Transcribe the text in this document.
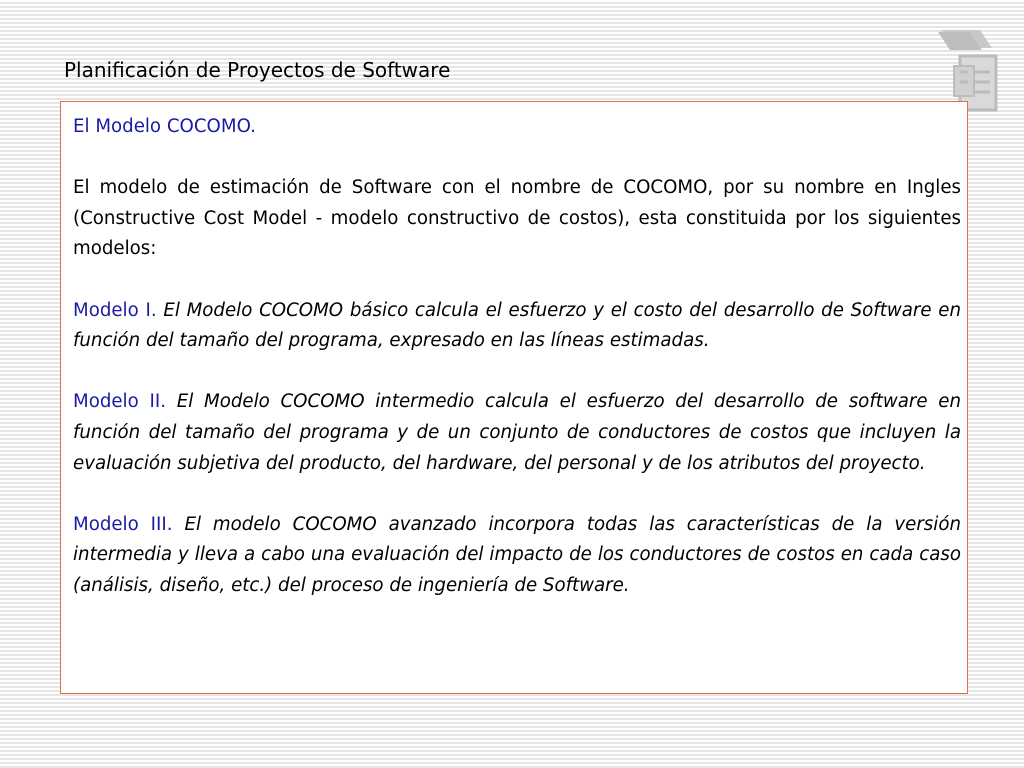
Planificación de Proyectos de Software

El Modelo COCOMO.

El modelo de estimación de Software con el nombre de COCOMO, por su nombre en Ingles (Constructive Cost Model - modelo constructivo de costos), esta constituida por los siguientes modelos:

Modelo I. El Modelo COCOMO básico calcula el esfuerzo y el costo del desarrollo de Software en función del tamaño del programa, expresado en las líneas estimadas.

Modelo II. El Modelo COCOMO intermedio calcula el esfuerzo del desarrollo de software en función del tamaño del programa y de un conjunto de conductores de costos que incluyen la evaluación subjetiva del producto, del hardware, del personal y de los atributos del proyecto.

Modelo III. El modelo COCOMO avanzado incorpora todas las características de la versión intermedia y lleva a cabo una evaluación del impacto de los conductores de costos en cada caso (análisis, diseño, etc.) del proceso de ingeniería de Software.
